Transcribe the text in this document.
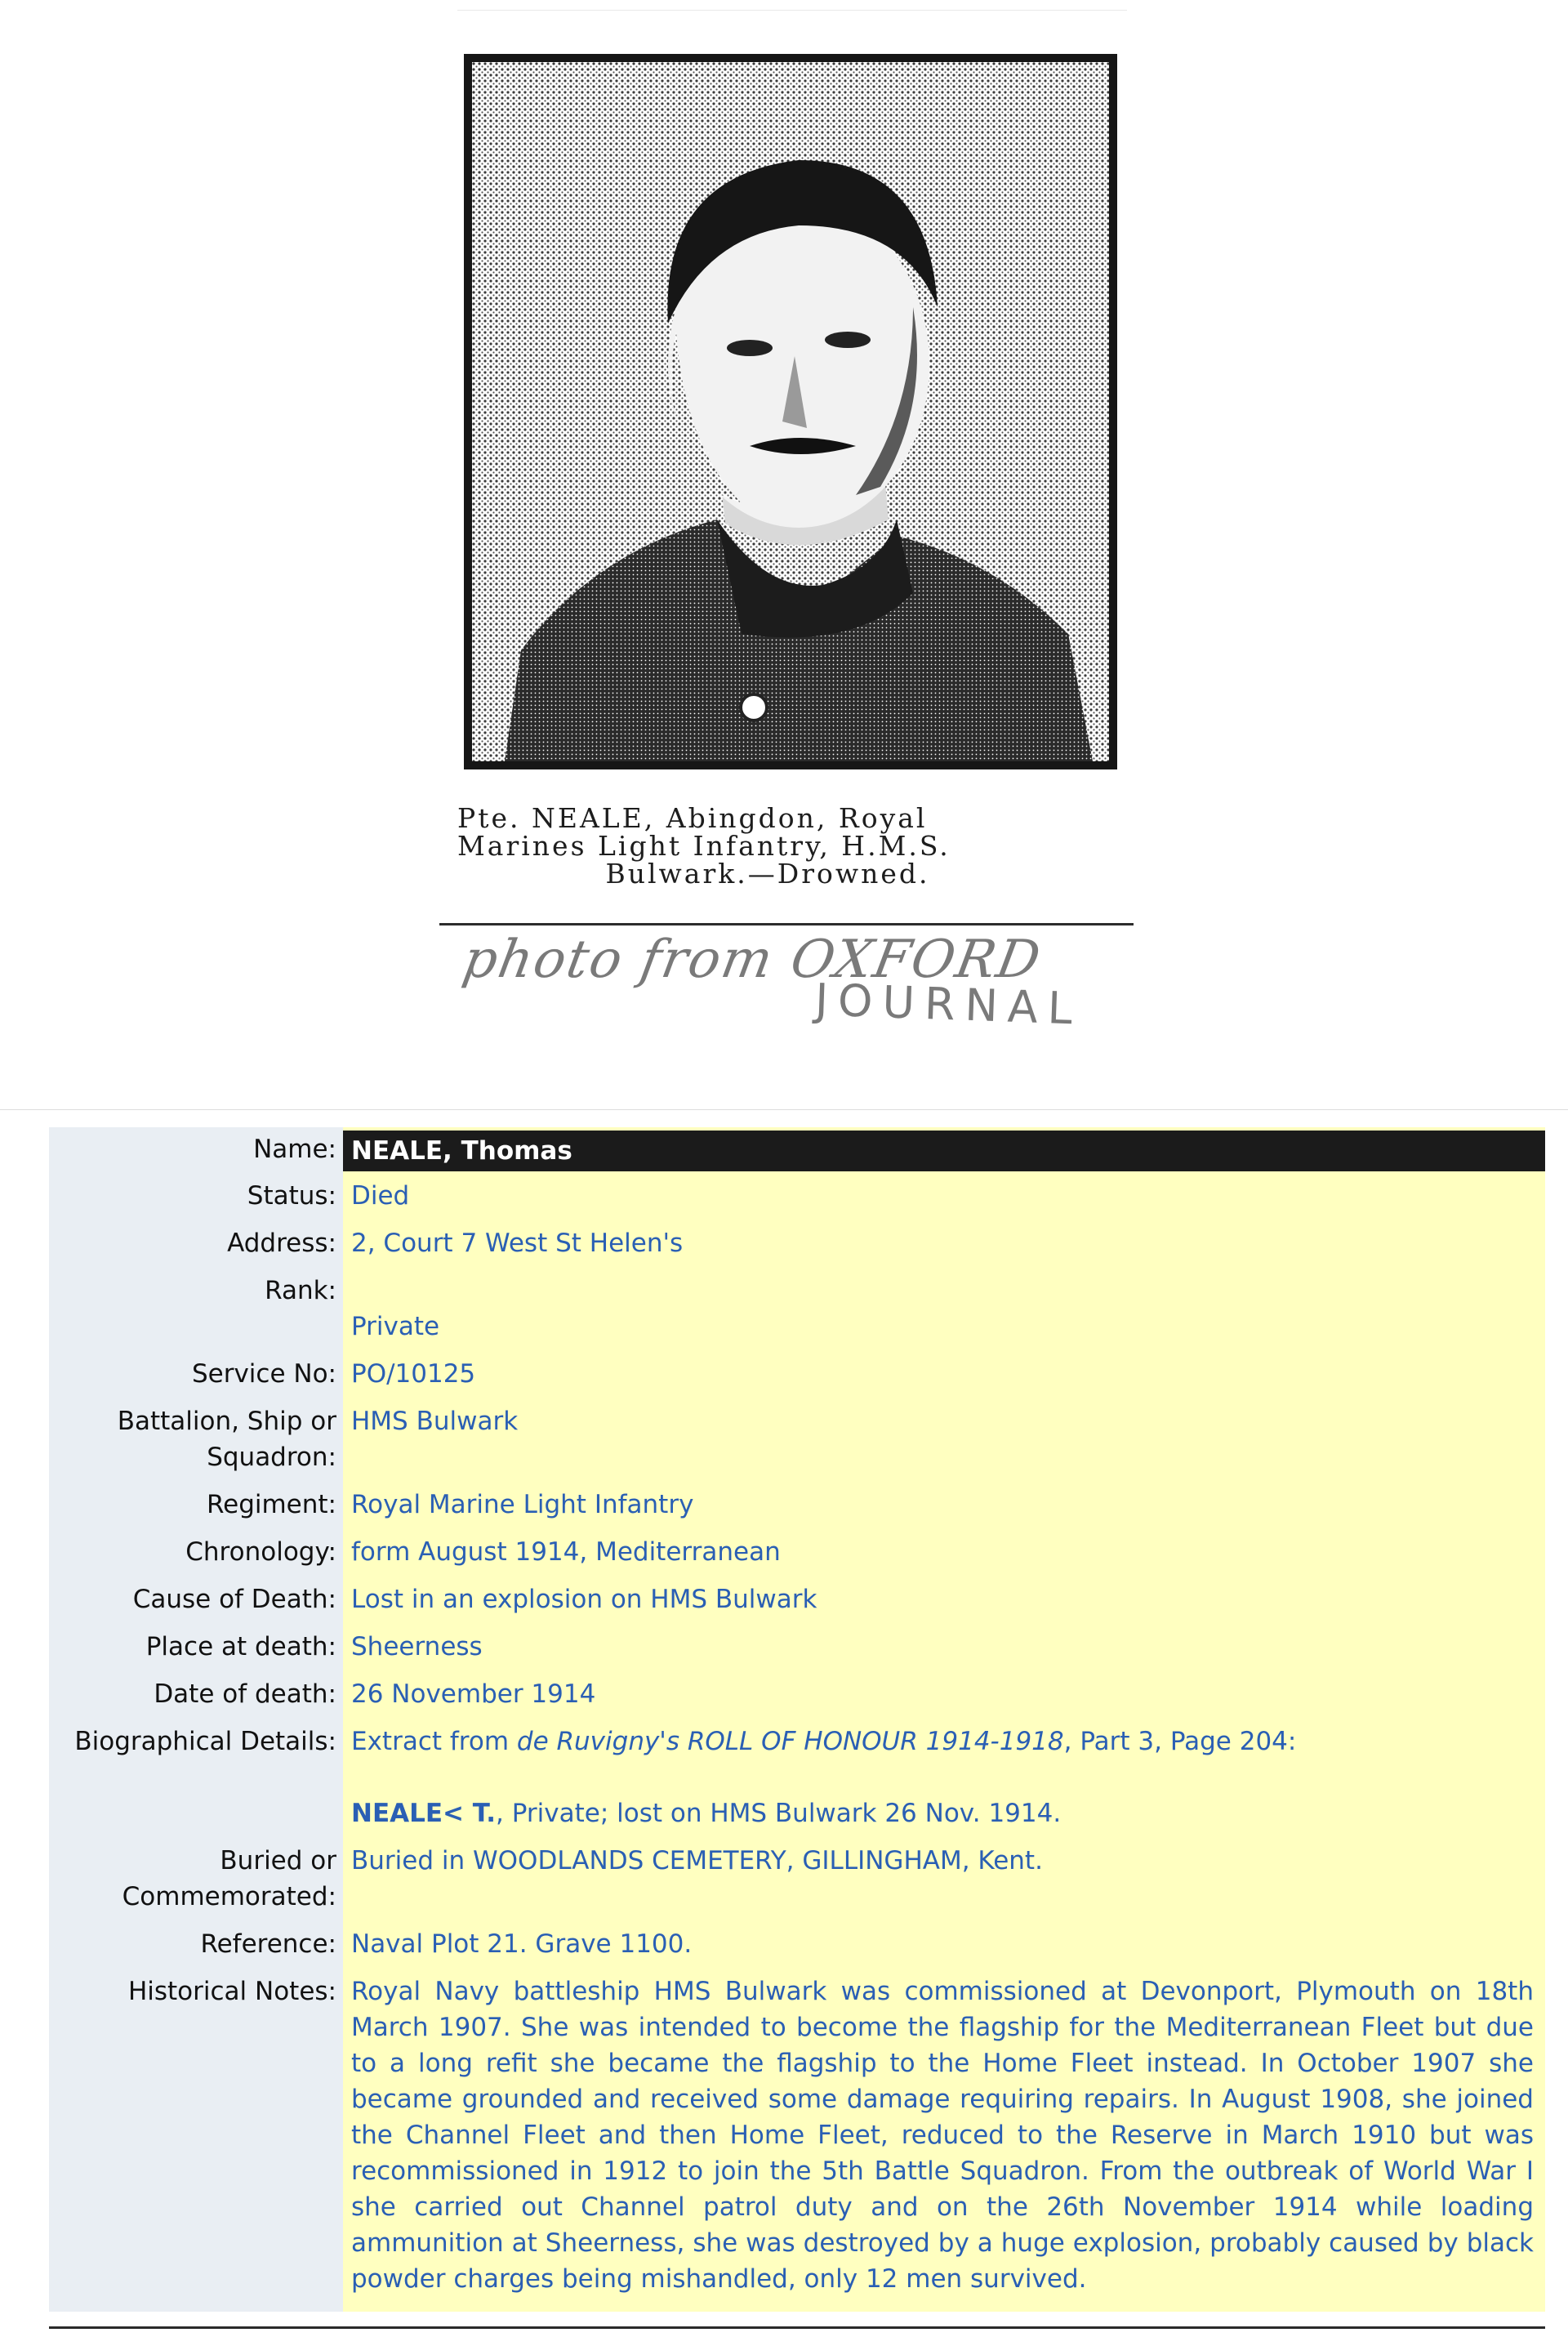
Pte. NEALE, Abingdon, Royal
Marines Light Infantry, H.M.S.
Bulwark.—Drowned.
photo from OXFORD
JOURNAL
Name: NEALE, Thomas
Status: Died
Address: 2, Court 7 West St Helen's
Rank:
Private
Service No: PO/10125
Battalion, Ship or
Squadron:
HMS Bulwark
Regiment: Royal Marine Light Infantry
Chronology: form August 1914, Mediterranean
Cause of Death: Lost in an explosion on HMS Bulwark
Place at death: Sheerness
Date of death: 26 November 1914
Biographical Details: Extract from de Ruvigny's ROLL OF HONOUR 1914-1918, Part 3, Page 204:
NEALE< T., Private; lost on HMS Bulwark 26 Nov. 1914.
Buried or
Commemorated:
Buried in WOODLANDS CEMETERY, GILLINGHAM, Kent.
Reference: Naval Plot 21. Grave 1100.
Historical Notes: Royal Navy battleship HMS Bulwark was commissioned at Devonport, Plymouth on 18th March 1907. She was intended to become the flagship for the Mediterranean Fleet but due to a long refit she became the flagship to the Home Fleet instead. In October 1907 she became grounded and received some damage requiring repairs. In August 1908, she joined the Channel Fleet and then Home Fleet, reduced to the Reserve in March 1910 but was recommissioned in 1912 to join the 5th Battle Squadron. From the outbreak of World War I she carried out Channel patrol duty and on the 26th November 1914 while loading ammunition at Sheerness, she was destroyed by a huge explosion, probably caused by black powder charges being mishandled, only 12 men survived.
